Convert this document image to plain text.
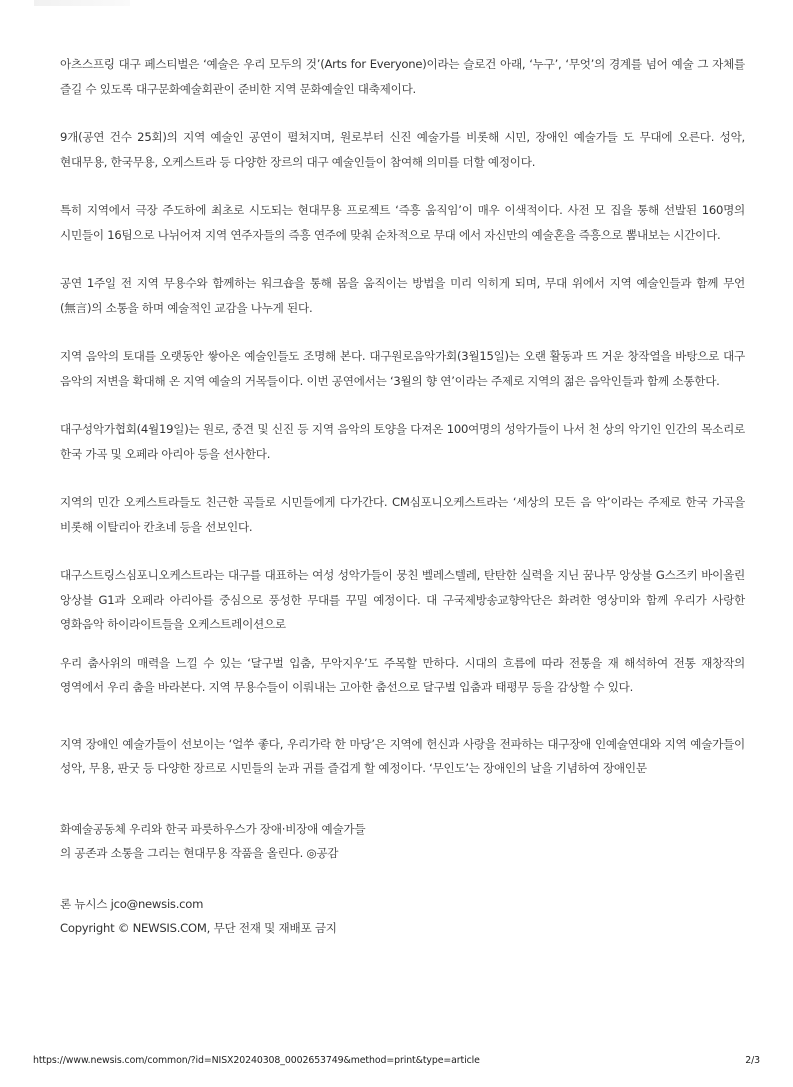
아츠스프링 대구 페스티벌은 ‘예술은 우리 모두의 것’(Arts for Everyone)이라는 슬로건 아래, ‘누구’, ‘무엇’의 경계를 넘어 예술 그 자체를 즐길 수 있도록 대구문화예술회관이 준비한 지역 문화예술인 대축제이다.

9개(공연 건수 25회)의 지역 예술인 공연이 펼쳐지며, 원로부터 신진 예술가를 비롯해 시민, 장애인 예술가들 도 무대에 오른다. 성악, 현대무용, 한국무용, 오케스트라 등 다양한 장르의 대구 예술인들이 참여해 의미를 더할 예정이다.

특히 지역에서 극장 주도하에 최초로 시도되는 현대무용 프로젝트 ‘즉흥 움직임’이 매우 이색적이다. 사전 모 집을 통해 선발된 160명의 시민들이 16팀으로 나뉘어져 지역 연주자들의 즉흥 연주에 맞춰 순차적으로 무대 에서 자신만의 예술혼을 즉흥으로 뽐내보는 시간이다.

공연 1주일 전 지역 무용수와 함께하는 워크숍을 통해 몸을 움직이는 방법을 미리 익히게 되며, 무대 위에서 지역 예술인들과 함께 무언(無言)의 소통을 하며 예술적인 교감을 나누게 된다.

지역 음악의 토대를 오랫동안 쌓아온 예술인들도 조명해 본다. 대구원로음악가회(3월15일)는 오랜 활동과 뜨 거운 창작열을 바탕으로 대구 음악의 저변을 확대해 온 지역 예술의 거목들이다. 이번 공연에서는 ‘3월의 향 연’이라는 주제로 지역의 젊은 음악인들과 함께 소통한다.

대구성악가협회(4월19일)는 원로, 중견 및 신진 등 지역 음악의 토양을 다져온 100여명의 성악가들이 나서 천 상의 악기인 인간의 목소리로 한국 가곡 및 오페라 아리아 등을 선사한다.

지역의 민간 오케스트라들도 친근한 곡들로 시민들에게 다가간다. CM심포니오케스트라는 ‘세상의 모든 음 악’이라는 주제로 한국 가곡을 비롯해 이탈리아 칸초네 등을 선보인다.

대구스트링스심포니오케스트라는 대구를 대표하는 여성 성악가들이 뭉친 벨레스텔레, 탄탄한 실력을 지닌 꿈나무 앙상블 G스즈키 바이올린 앙상블 G1과 오페라 아리아를 중심으로 풍성한 무대를 꾸밀 예정이다. 대 구국제방송교향악단은 화려한 영상미와 함께 우리가 사랑한 영화음악 하이라이트들을 오케스트레이션으로

우리 춤사위의 매력을 느낄 수 있는 ‘달구벌 입춤, 무악지우’도 주목할 만하다. 시대의 흐름에 따라 전통을 재 해석하여 전통 재창작의 영역에서 우리 춤을 바라본다. 지역 무용수들이 이뤄내는 고아한 춤선으로 달구벌 입춤과 태평무 등을 감상할 수 있다.

지역 장애인 예술가들이 선보이는 ‘얼쑤 좋다, 우리가락 한 마당’은 지역에 헌신과 사랑을 전파하는 대구장애 인예술연대와 지역 예술가들이 성악, 무용, 판굿 등 다양한 장르로 시민들의 눈과 귀를 즐겁게 할 예정이다. ‘무인도’는 장애인의 날을 기념하여 장애인문

화예술공동체 우리와 한국 파릇하우스가 장애·비장애 예술가들
의 공존과 소통을 그리는 현대무용 작품을 올린다. ◎공감
론 뉴시스 jco@newsis.com
Copyright © NEWSIS.COM, 무단 전재 및 재배포 금지
https://www.newsis.com/common/?id=NISX20240308_0002653749&method=print&type=article	2/3
